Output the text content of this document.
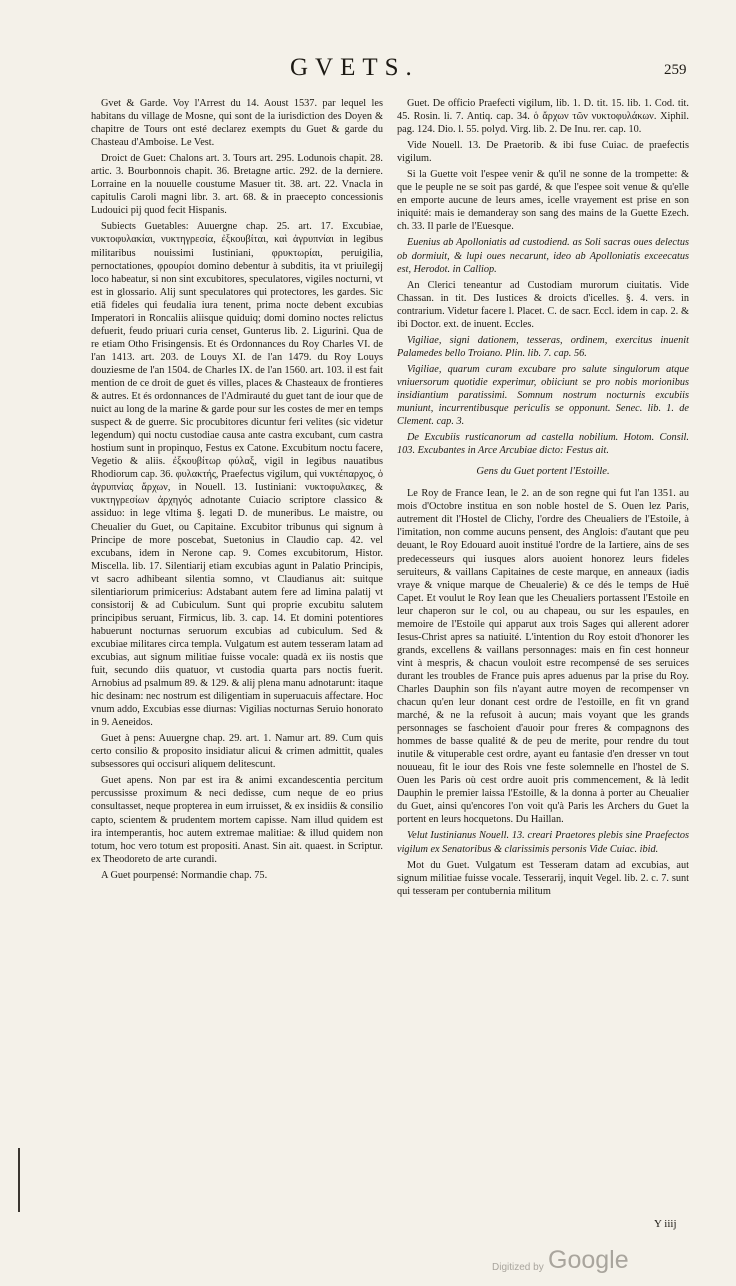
GVETS.	259

Gvet & Garde. Voy l'Arrest du 14. Aoust 1537. par lequel les habitans du village de Mosne, qui sont de la iurisdiction des Doyen & chapitre de Tours ont esté declarez exempts du Guet & garde du Chasteau d'Amboise. Le Vest.

Droict de Guet: Chalons art. 3. Tours art. 295. Lodunois chapit. 28. artic. 3. Bourbonnois chapit. 36. Bretagne artic. 292. de la derniere. Lorraine en la nouuelle coustume Masuer tit. 38. art. 22. Vnacla in capitulis Caroli magni libr. 3. art. 68. & in praecepto concessionis Ludouici pij quod fecit Hispanis.

Subiects Guetables: Auuergne chap. 25. art. 17. Excubiae, νυκτοφυλακίαι, νυκτηγρεσία, ἐξκουβίται, καὶ ἀγρυπνίαι in legibus militaribus nouissimi Iustiniani, φρυκτωρίαι, peruigilia, pernoctationes, φρουρίοι domino debentur à subditis, ita vt priuilegij loco habeatur, si non sint excubitores, speculatores, vigiles nocturni, vt est in glossario. Alij sunt speculatores qui protectores, les gardes. Sic etiā fideles qui feudalia iura tenent, prima nocte debent excubias Imperatori in Roncaliis aliisque quiduiq; domi domino noctes relictus defuerit, feudo priuari curia censet, Gunterus lib. 2. Ligurini. Qua de re etiam Otho Frisingensis. Et és Ordonnances du Roy Charles VI. de l'an 1413. art. 203. de Louys XI. de l'an 1479. du Roy Louys douziesme de l'an 1504. de Charles IX. de l'an 1560. art. 103. il est fait mention de ce droit de guet és villes, places & Chasteaux de frontieres & autres. Et és ordonnances de l'Admirauté du guet tant de iour que de nuict au long de la marine & garde pour sur les costes de mer en temps suspect & de guerre. Sic procubitores dicuntur feri velites (sic videtur legendum) qui noctu custodiae causa ante castra excubant, cum castra hostium sunt in propinquo, Festus ex Catone. Excubitum noctu facere, Vegetio & aliis. ἐξκουβίτωρ φύλαξ, vigil in legibus nauatibus Rhodiorum cap. 36. φυλακτής, Praefectus vigilum, qui νυκτέπαρχος, ὁ ἀγρυπνίας ἄρχων, in Nouell. 13. Iustiniani: νυκτοφυλακες, & νυκτηγρεσίων ἀρχηγός adnotante Cuiacio scriptore classico & assiduo: in lege vltima §. legati D. de muneribus. Le maistre, ou Cheualier du Guet, ou Capitaine. Excubitor tribunus qui signum à Principe de more poscebat, Suetonius in Claudio cap. 42. vel excubans, idem in Nerone cap. 9. Comes excubitorum, Histor. Miscella. lib. 17. Silentiarij etiam excubias agunt in Palatio Principis, vt sacro adhibeant silentia somno, vt Claudianus ait: suitque silentiariorum primicerius: Adstabant autem fere ad limina palatij vt consistorij & ad Cubiculum. Sunt qui proprie excubitu salutem principibus seruant, Firmicus, lib. 3. cap. 14. Et domini potentiores habuerunt nocturnas seruorum excubias ad cubiculum. Sed & excubiae militares circa templa. Vulgatum est autem tesseram latam ad excubias, aut signum militiae fuisse vocale: quadà ex iis nostis que fuit, secundo diis quatuor, vt custodia quarta pars noctis fuerit. Arnobius ad psalmum 89. & 129. & alij plena manu adnotarunt: itaque hic desinam: nec nostrum est diligentiam in superuacuis affectare. Hoc vnum addo, Excubias esse diurnas: Vigilias nocturnas Seruio honorato in 9. Aeneidos.

Guet à pens: Auuergne chap. 29. art. 1. Namur art. 89. Cum quis certo consilio & proposito insidiatur alicui & crimen admittit, quales subsessores qui occisuri aliquem delitescunt.

Guet apens. Non par est ira & animi excandescentia percitum percussisse proximum & neci dedisse, cum neque de eo prius consultasset, neque propterea in eum irruisset, & ex insidiis & consilio capto, scientem & prudentem mortem capisse. Nam illud quidem est ira intemperantis, hoc autem extremae malitiae: & illud quidem non totum, hoc vero totum est propositi. Anast. Sin ait. quaest. in Scriptur. ex Theodoreto de arte curandi.

A Guet pourpensé: Normandie chap. 75.

Guet. De officio Praefecti vigilum, lib. 1. D. tit. 15. lib. 1. Cod. tit. 45. Rosin. li. 7. Antiq. cap. 34. ὁ ἄρχων τῶν νυκτοφυλάκων. Xiphil. pag. 124. Dio. l. 55. polyd. Virg. lib. 2. De Inu. rer. cap. 10.

Vide Nouell. 13. De Praetorib. & ibi fuse Cuiac. de praefectis vigilum.

Si la Guette voit l'espee venir & qu'il ne sonne de la trompette: & que le peuple ne se soit pas gardé, & que l'espee soit venue & qu'elle en emporte aucune de leurs ames, icelle vrayement est prise en son iniquité: mais ie demanderay son sang des mains de la Guette Ezech. ch. 33. Il parle de l'Euesque.

Euenius ab Apolloniatis ad custodiend. as Soli sacras oues delectus ob dormiuit, & lupi oues necarunt, ideo ab Apolloniatis exceecatus est, Herodot. in Calliop.

An Clerici teneantur ad Custodiam murorum ciuitatis. Vide Chassan. in tit. Des Iustices & droicts d'icelles. §. 4. vers. in contrarium. Videtur facere l. Placet. C. de sacr. Eccl. idem in cap. 2. & ibi Doctor. ext. de inuent. Eccles.

Vigiliae, signi dationem, tesseras, ordinem, exercitus inuenit Palamedes bello Troiano. Plin. lib. 7. cap. 56.

Vigiliae, quarum curam excubare pro salute singulorum atque vniuersorum quotidie experimur, obiiciunt se pro nobis morionibus insidiantium paratissimi. Somnum nostrum nocturnis excubiis muniunt, incurrentibusque periculis se opponunt. Senec. lib. 1. de Clement. cap. 3.

De Excubiis rusticanorum ad castella nobilium. Hotom. Consil. 103. Excubantes in Arce Arcubiae dicto: Festus ait.

Gens du Guet portent l'Estoille.

Le Roy de France Iean, le 2. an de son regne qui fut l'an 1351. au mois d'Octobre institua en son noble hostel de S. Ouen lez Paris, autrement dit l'Hostel de Clichy, l'ordre des Cheualiers de l'Estoile, à l'imitation, non comme aucuns pensent, des Anglois: d'autant que peu deuant, le Roy Edouard auoit institué l'ordre de la Iartiere, ains de ses predecesseurs qui iusques alors auoient honorez leurs fideles seruiteurs, & vaillans Capitaines de ceste marque, en anneaux (iadis vraye & vnique marque de Cheualerie) & ce dés le temps de Huë Capet. Et voulut le Roy Iean que les Cheualiers portassent l'Estoile en leur chaperon sur le col, ou au chapeau, ou sur les espaules, en memoire de l'Estoile qui apparut aux trois Sages qui allerent adorer Iesus-Christ apres sa natiuité. L'intention du Roy estoit d'honorer les grands, excellens & vaillans personnages: mais en fin cest honneur vint à mespris, & chacun vouloit estre recompensé de ses seruices durant les troubles de France puis apres aduenus par la prise du Roy. Charles Dauphin son fils n'ayant autre moyen de recompenser vn chacun qu'en leur donant cest ordre de l'estoille, en fit vn grand marché, & ne la refusoit à aucun; mais voyant que les grands personnages se faschoient d'auoir pour freres & compagnons des hommes de basse qualité & de peu de merite, pour rendre du tout inutile & vituperable cest ordre, ayant eu fantasie d'en dresser vn tout nouueau, fit le iour des Rois vne feste solemnelle en l'hostel de S. Ouen les Paris où cest ordre auoit pris commencement, & là ledit Dauphin le premier laissa l'Estoille, & la donna à porter au Cheualier du Guet, ainsi qu'encores l'on voit qu'à Paris les Archers du Guet la portent en leurs hocquetons. Du Haillan.

Velut Iustinianus Nouell. 13. creari Praetores plebis sine Praefectos vigilum ex Senatoribus & clarissimis personis Vide Cuiac. ibid.

Mot du Guet. Vulgatum est Tesseram datam ad excubias, aut signum militiae fuisse vocale. Tesserarij, inquit Vegel. lib. 2. c. 7. sunt qui tesseram per contubernia militum

Y iiij
Digitized by Google
